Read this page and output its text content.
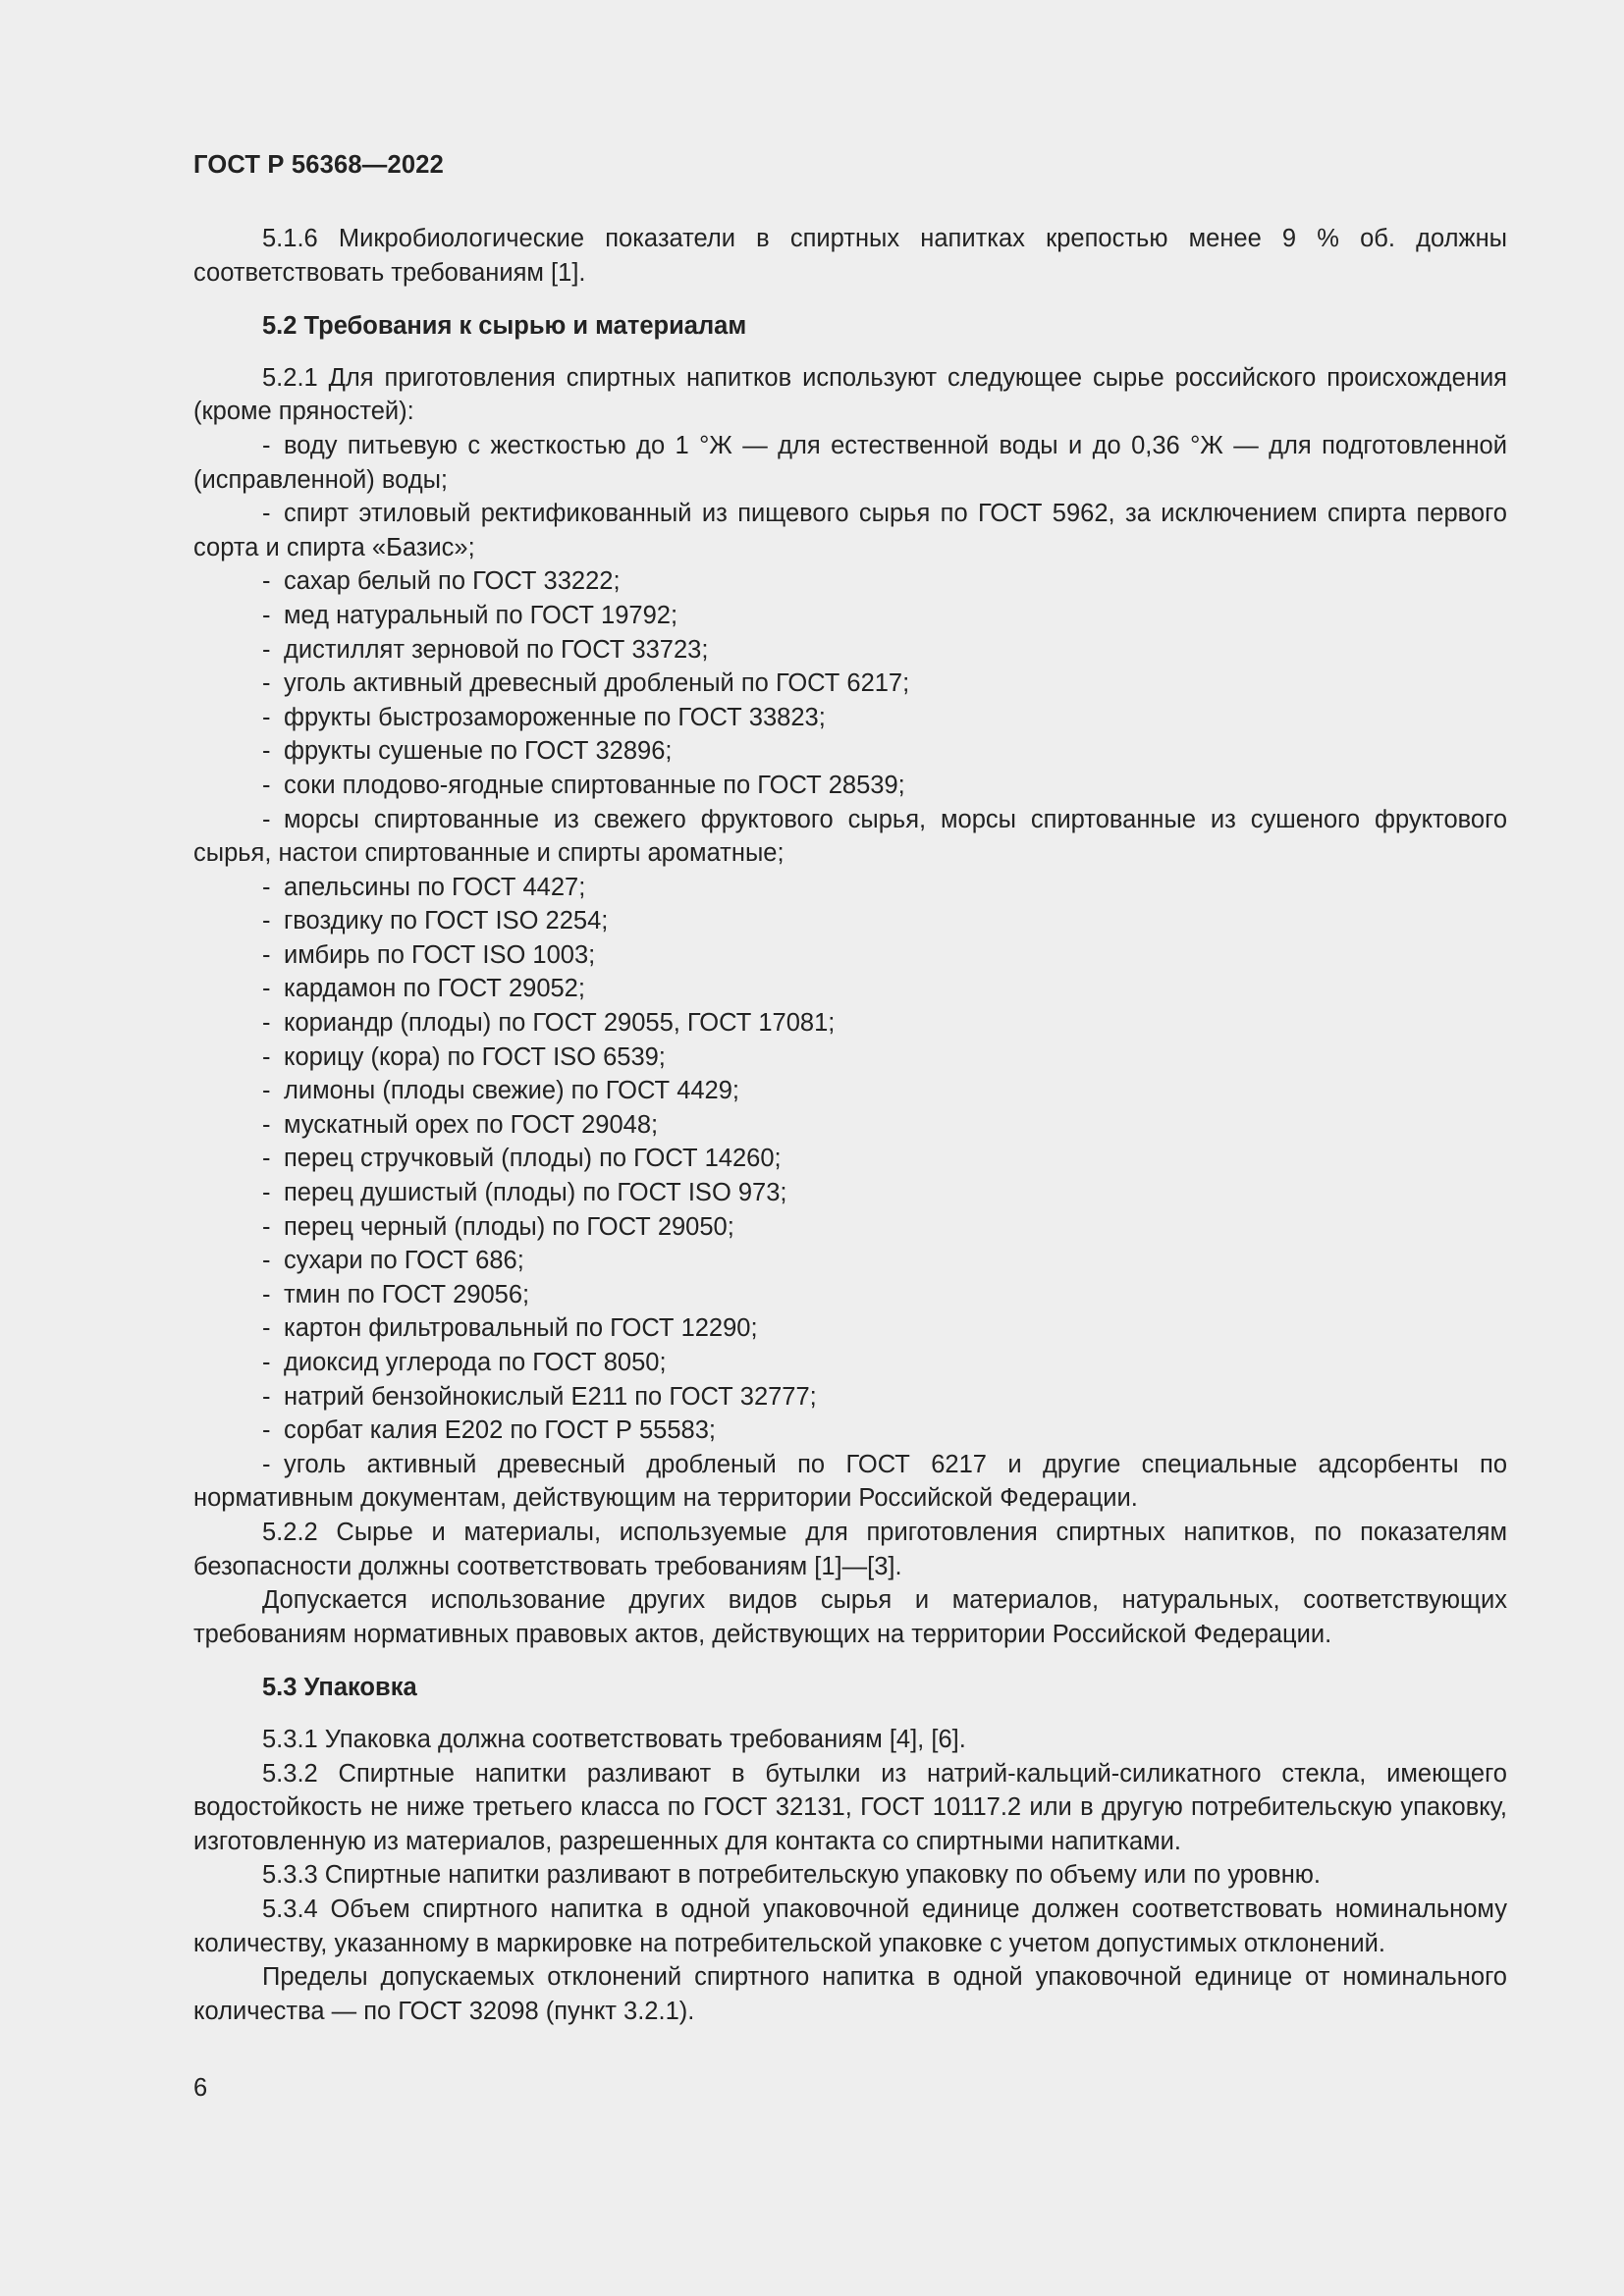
ГОСТ Р 56368—2022

5.1.6 Микробиологические показатели в спиртных напитках крепостью менее 9 % об. должны соответствовать требованиям [1].

5.2 Требования к сырью и материалам

5.2.1 Для приготовления спиртных напитков используют следующее сырье российского происхождения (кроме пряностей):

- воду питьевую с жесткостью до 1 °Ж — для естественной воды и до 0,36 °Ж — для подготовленной (исправленной) воды;

- спирт этиловый ректификованный из пищевого сырья по ГОСТ 5962, за исключением спирта первого сорта и спирта «Базис»;

- сахар белый по ГОСТ 33222;

- мед натуральный по ГОСТ 19792;

- дистиллят зерновой по ГОСТ 33723;

- уголь активный древесный дробленый по ГОСТ 6217;

- фрукты быстрозамороженные по ГОСТ 33823;

- фрукты сушеные по ГОСТ 32896;

- соки плодово-ягодные спиртованные по ГОСТ 28539;

- морсы спиртованные из свежего фруктового сырья, морсы спиртованные из сушеного фруктового сырья, настои спиртованные и спирты ароматные;

- апельсины по ГОСТ 4427;

- гвоздику по ГОСТ ISO 2254;

- имбирь по ГОСТ ISO 1003;

- кардамон по ГОСТ 29052;

- кориандр (плоды) по ГОСТ 29055, ГОСТ 17081;

- корицу (кора) по ГОСТ ISO 6539;

- лимоны (плоды свежие) по ГОСТ 4429;

- мускатный орех по ГОСТ 29048;

- перец стручковый (плоды) по ГОСТ 14260;

- перец душистый (плоды) по ГОСТ ISO 973;

- перец черный (плоды) по ГОСТ 29050;

- сухари по ГОСТ 686;

- тмин по ГОСТ 29056;

- картон фильтровальный по ГОСТ 12290;

- диоксид углерода по ГОСТ 8050;

- натрий бензойнокислый Е211 по ГОСТ 32777;

- сорбат калия Е202 по ГОСТ Р 55583;

- уголь активный древесный дробленый по ГОСТ 6217 и другие специальные адсорбенты по нормативным документам, действующим на территории Российской Федерации.

5.2.2 Сырье и материалы, используемые для приготовления спиртных напитков, по показателям безопасности должны соответствовать требованиям [1]—[3].

Допускается использование других видов сырья и материалов, натуральных, соответствующих требованиям нормативных правовых актов, действующих на территории Российской Федерации.

5.3 Упаковка

5.3.1 Упаковка должна соответствовать требованиям [4], [6].

5.3.2 Спиртные напитки разливают в бутылки из натрий-кальций-силикатного стекла, имеющего водостойкость не ниже третьего класса по ГОСТ 32131, ГОСТ 10117.2 или в другую потребительскую упаковку, изготовленную из материалов, разрешенных для контакта со спиртными напитками.

5.3.3 Спиртные напитки разливают в потребительскую упаковку по объему или по уровню.

5.3.4 Объем спиртного напитка в одной упаковочной единице должен соответствовать номинальному количеству, указанному в маркировке на потребительской упаковке с учетом допустимых отклонений.

Пределы допускаемых отклонений спиртного напитка в одной упаковочной единице от номинального количества — по ГОСТ 32098 (пункт 3.2.1).

6
